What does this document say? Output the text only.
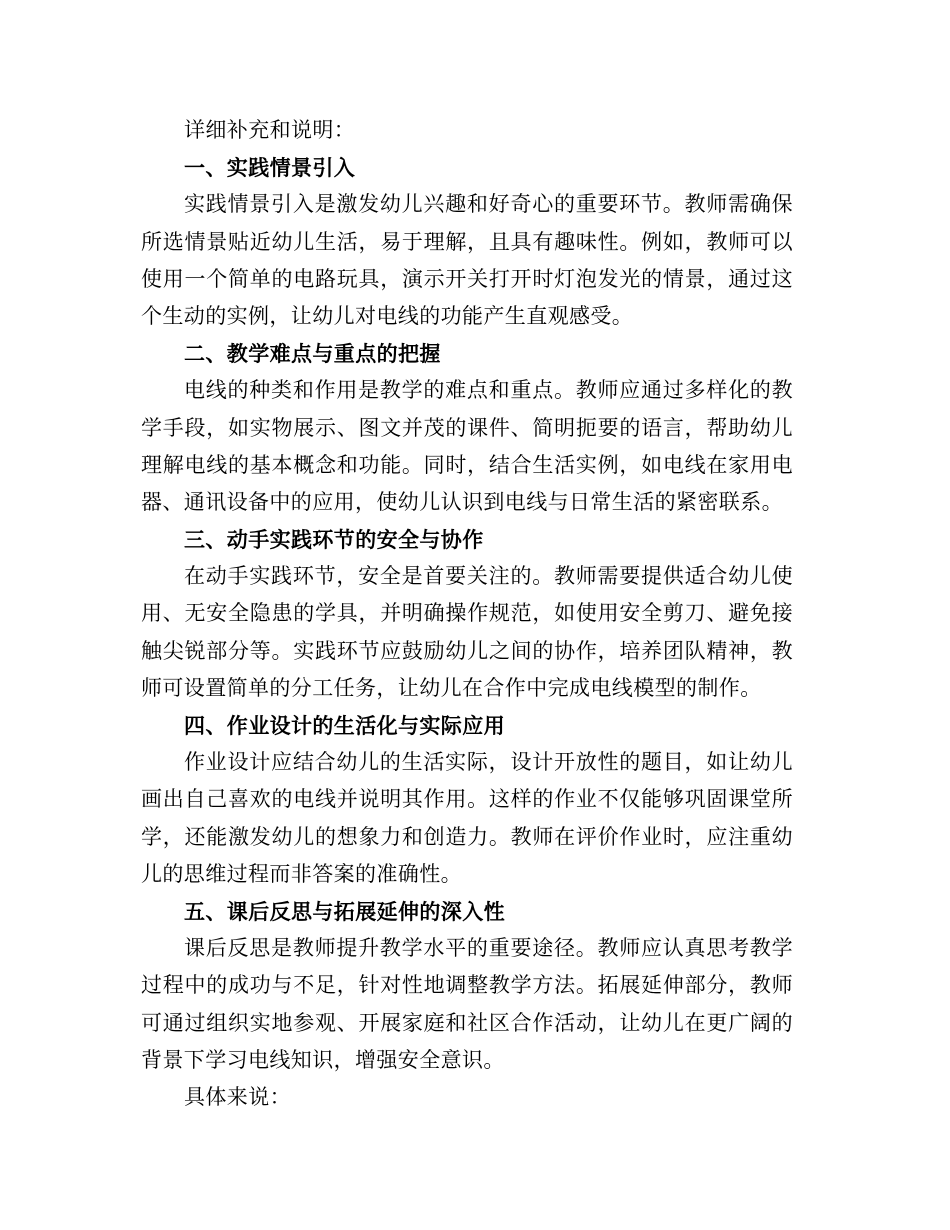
详细补充和说明：
一、实践情景引入
实践情景引入是激发幼儿兴趣和好奇心的重要环节。教师需确保
所选情景贴近幼儿生活，易于理解，且具有趣味性。例如，教师可以
使用一个简单的电路玩具，演示开关打开时灯泡发光的情景，通过这
个生动的实例，让幼儿对电线的功能产生直观感受。
二、教学难点与重点的把握
电线的种类和作用是教学的难点和重点。教师应通过多样化的教
学手段，如实物展示、图文并茂的课件、简明扼要的语言，帮助幼儿
理解电线的基本概念和功能。同时，结合生活实例，如电线在家用电
器、通讯设备中的应用，使幼儿认识到电线与日常生活的紧密联系。
三、动手实践环节的安全与协作
在动手实践环节，安全是首要关注的。教师需要提供适合幼儿使
用、无安全隐患的学具，并明确操作规范，如使用安全剪刀、避免接
触尖锐部分等。实践环节应鼓励幼儿之间的协作，培养团队精神，教
师可设置简单的分工任务，让幼儿在合作中完成电线模型的制作。
四、作业设计的生活化与实际应用
作业设计应结合幼儿的生活实际，设计开放性的题目，如让幼儿
画出自己喜欢的电线并说明其作用。这样的作业不仅能够巩固课堂所
学，还能激发幼儿的想象力和创造力。教师在评价作业时，应注重幼
儿的思维过程而非答案的准确性。
五、课后反思与拓展延伸的深入性
课后反思是教师提升教学水平的重要途径。教师应认真思考教学
过程中的成功与不足，针对性地调整教学方法。拓展延伸部分，教师
可通过组织实地参观、开展家庭和社区合作活动，让幼儿在更广阔的
背景下学习电线知识，增强安全意识。
具体来说：
